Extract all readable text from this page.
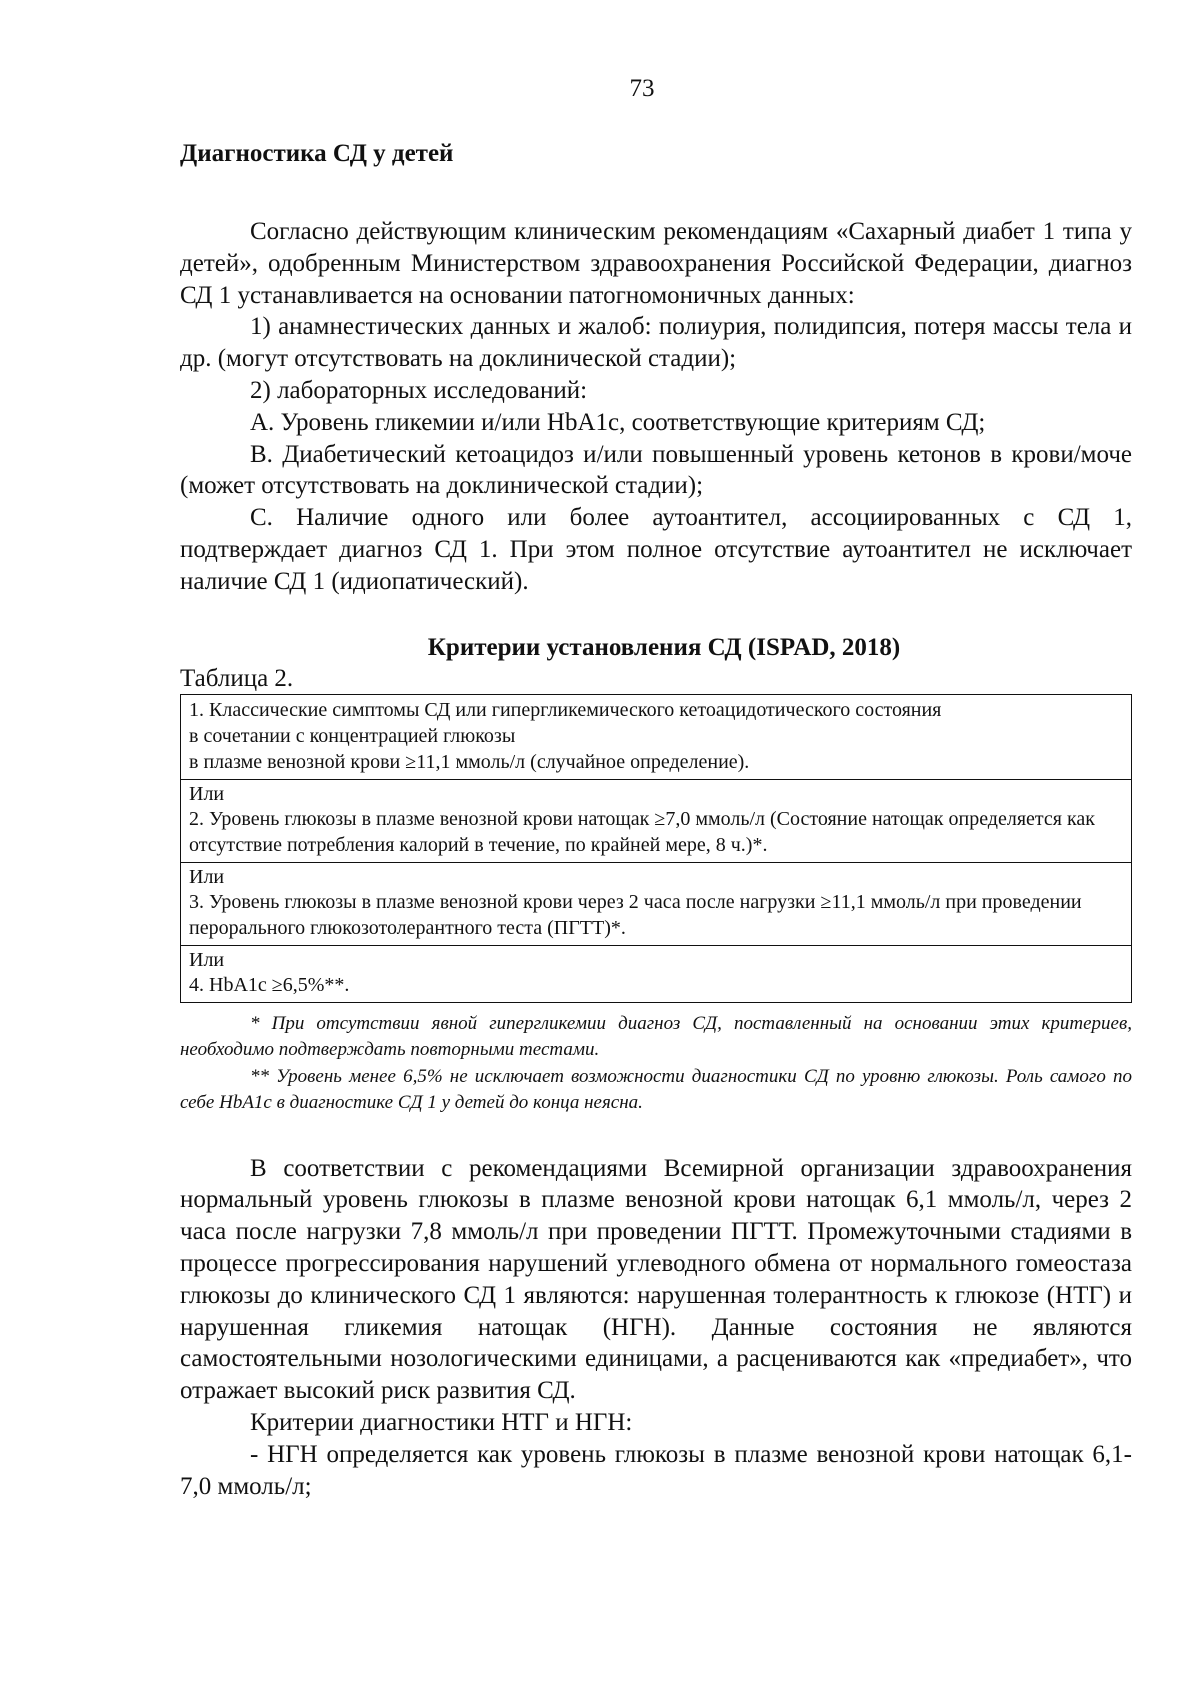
73
Диагностика СД у детей

Согласно действующим клиническим рекомендациям «Сахарный диабет 1 типа у детей», одобренным Министерством здравоохранения Российской Федерации, диагноз СД 1 устанавливается на основании патогномоничных данных:

1) анамнестических данных и жалоб: полиурия, полидипсия, потеря массы тела и др. (могут отсутствовать на доклинической стадии);

2) лабораторных исследований:

А. Уровень гликемии и/или HbA1c, соответствующие критериям СД;

В. Диабетический кетоацидоз и/или повышенный уровень кетонов в крови/моче (может отсутствовать на доклинической стадии);

С. Наличие одного или более аутоантител, ассоциированных с СД 1, подтверждает диагноз СД 1. При этом полное отсутствие аутоантител не исключает наличие СД 1 (идиопатический).

Критерии установления СД (ISPAD, 2018)
Таблица 2.
1. Классические симптомы СД или гипергликемического кетоацидотического состояния
в сочетании с концентрацией глюкозы
в плазме венозной крови ≥11,1 ммоль/л (случайное определение).

Или
2. Уровень глюкозы в плазме венозной крови натощак ≥7,0 ммоль/л (Состояние натощак определяется как отсутствие потребления калорий в течение, по крайней мере, 8 ч.)*.

Или
3. Уровень глюкозы в плазме венозной крови через 2 часа после нагрузки ≥11,1 ммоль/л при проведении перорального глюкозотолерантного теста (ПГТТ)*.

Или
4. HbA1c ≥6,5%**.

* При отсутствии явной гипергликемии диагноз СД, поставленный на основании этих критериев, необходимо подтверждать повторными тестами.

** Уровень менее 6,5% не исключает возможности диагностики СД по уровню глюкозы. Роль самого по себе HbA1c в диагностике СД 1 у детей до конца неясна.

В соответствии с рекомендациями Всемирной организации здравоохранения нормальный уровень глюкозы в плазме венозной крови натощак 6,1 ммоль/л, через 2 часа после нагрузки 7,8 ммоль/л при проведении ПГТТ. Промежуточными стадиями в процессе прогрессирования нарушений углеводного обмена от нормального гомеостаза глюкозы до клинического СД 1 являются: нарушенная толерантность к глюкозе (НТГ) и нарушенная гликемия натощак (НГН). Данные состояния не являются самостоятельными нозологическими единицами, а расцениваются как «предиабет», что отражает высокий риск развития СД.

Критерии диагностики НТГ и НГН:

- НГН определяется как уровень глюкозы в плазме венозной крови натощак 6,1-7,0 ммоль/л;
